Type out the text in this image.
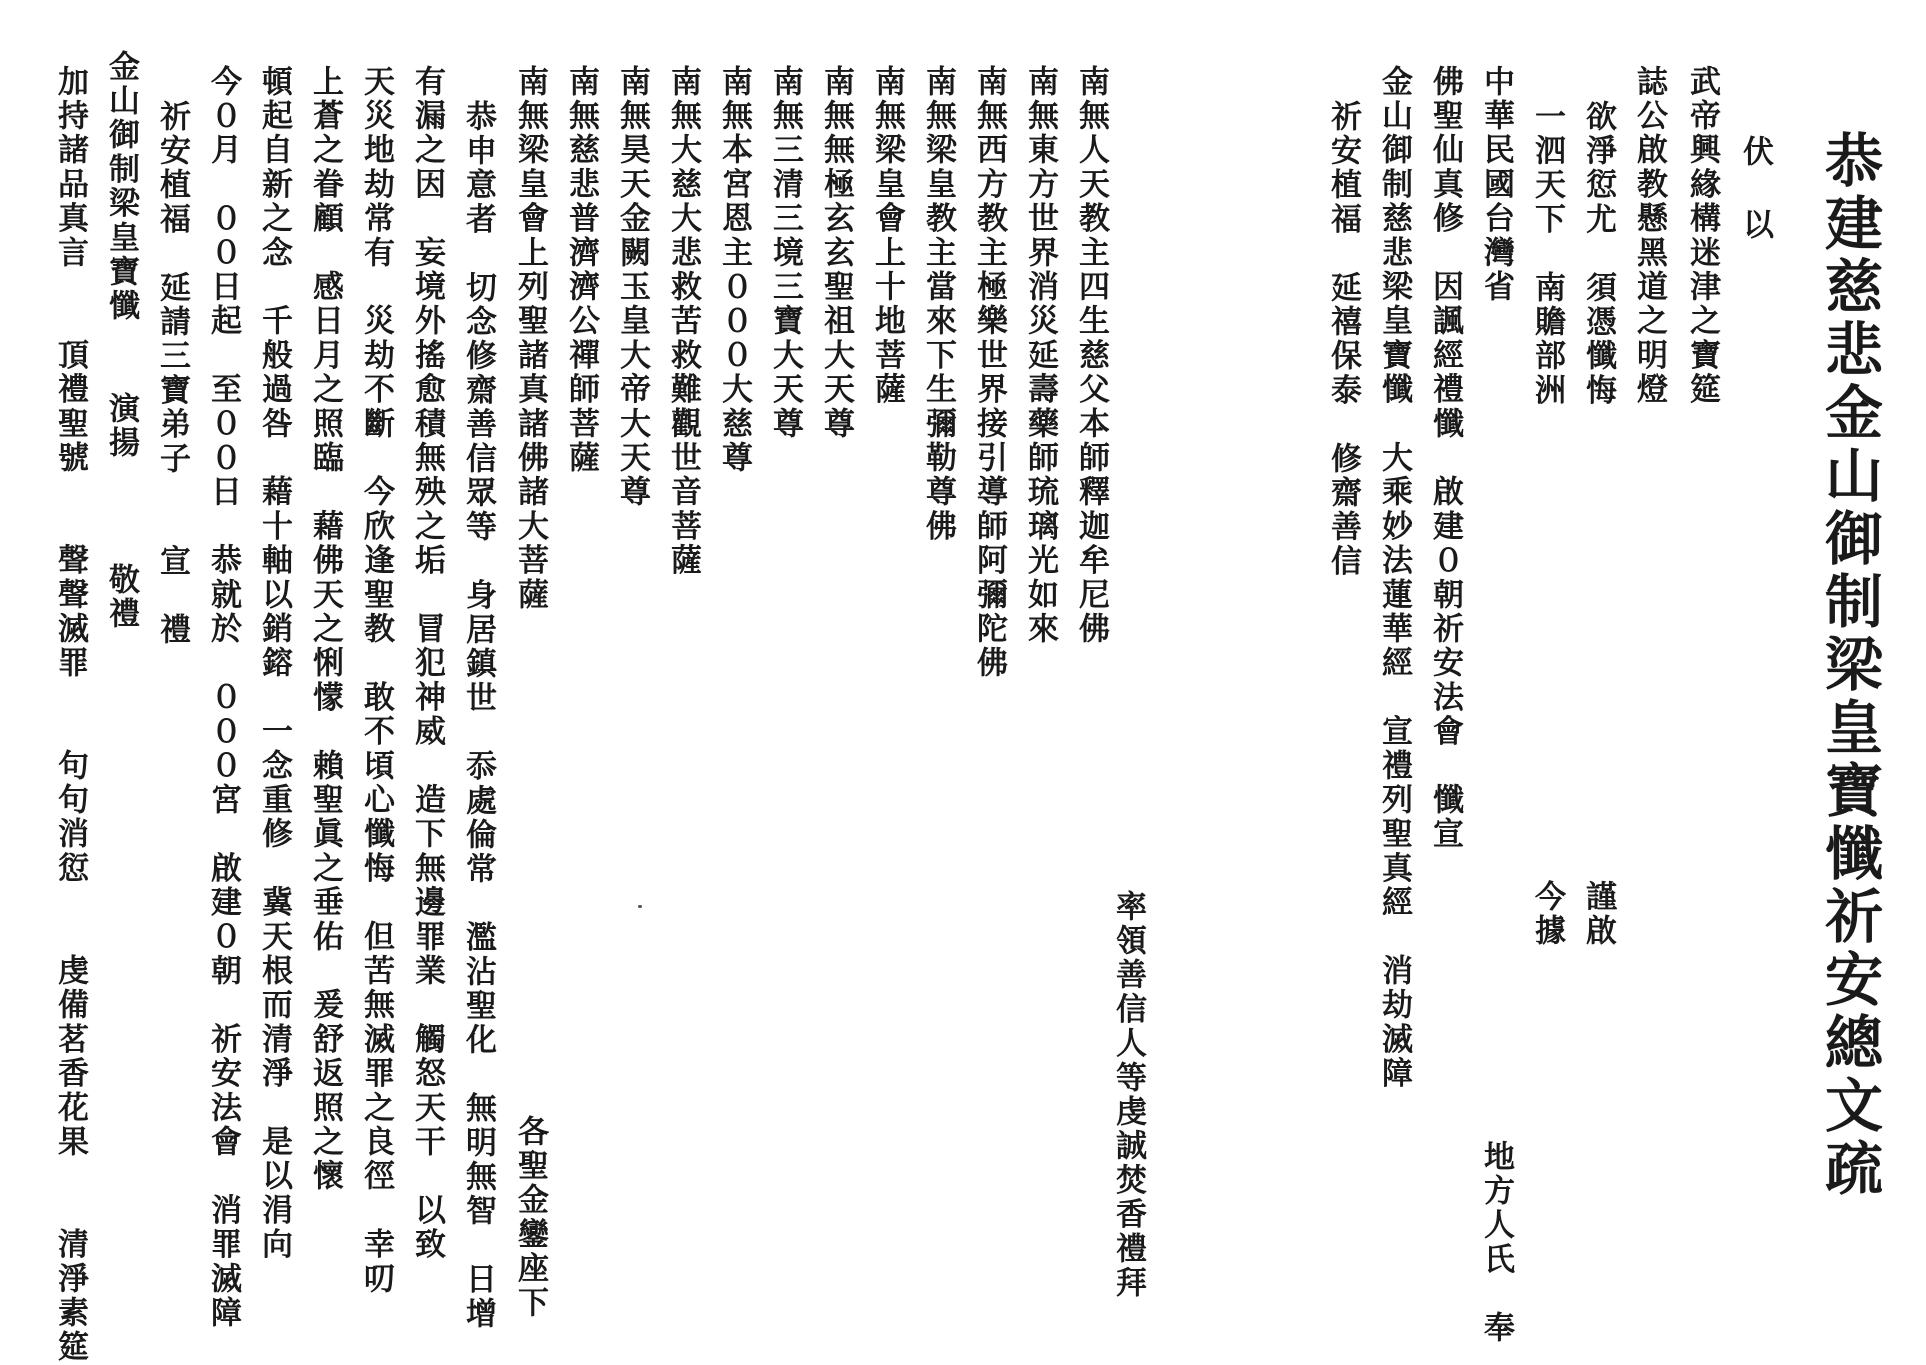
恭建慈悲金山御制梁皇寶懺祈安總文疏
伏 以
武帝興緣構迷津之寶筵
誌公啟教懸黑道之明燈
欲淨愆尤　須憑懺悔
謹啟
一泗天下　南贍部洲
今據
中華民國台灣省
地方人氏　奉
佛聖仙真修　因諷經禮懺　啟建０朝祈安法會　懺宣
金山御制慈悲梁皇寶懺　大乘妙法蓮華經　宣禮列聖真經　消劫滅障
祈安植福　延禧保泰　修齋善信
率領善信人等虔誠焚香禮拜
南無人天教主四生慈父本師釋迦牟尼佛
南無東方世界消災延壽藥師琉璃光如來
南無西方教主極樂世界接引導師阿彌陀佛
南無梁皇教主當來下生彌勒尊佛
南無梁皇會上十地菩薩
南無無極玄玄聖祖大天尊
南無三清三境三寶大天尊
南無本宮恩主０００大慈尊
南無大慈大悲救苦救難觀世音菩薩
南無昊天金闕玉皇大帝大天尊
南無慈悲普濟濟公禪師菩薩
南無梁皇會上列聖諸真諸佛諸大菩薩
各聖金鑾座下
恭申意者　切念修齋善信眾等　身居鎮世　忝處倫常　濫沾聖化　無明無智　日增
有漏之因　妄境外搖愈積無殃之垢　冒犯神威　造下無邊罪業　觸怒天干　以致
天災地劫常有　災劫不斷　今欣逢聖教　敢不頃心懺悔　但苦無滅罪之良徑　幸叨
上蒼之眷顧　感日月之照臨　藉佛天之悧懞　賴聖眞之垂佑　爰舒返照之懷
頓起自新之念　千般過咎　藉十軸以銷鎔　一念重修　冀天根而清淨　是以涓向
今０月　００日起　至００日　恭就於　０００宮　啟建０朝　祈安法會　消罪滅障
祈安植福　延請三寶弟子　　宣　禮
金山御制梁皇寶懺　　演揚　　　敬禮
加持諸品真言　　頂禮聖號　　聲聲滅罪　　句句消愆　　虔備茗香花果　　清淨素筵
